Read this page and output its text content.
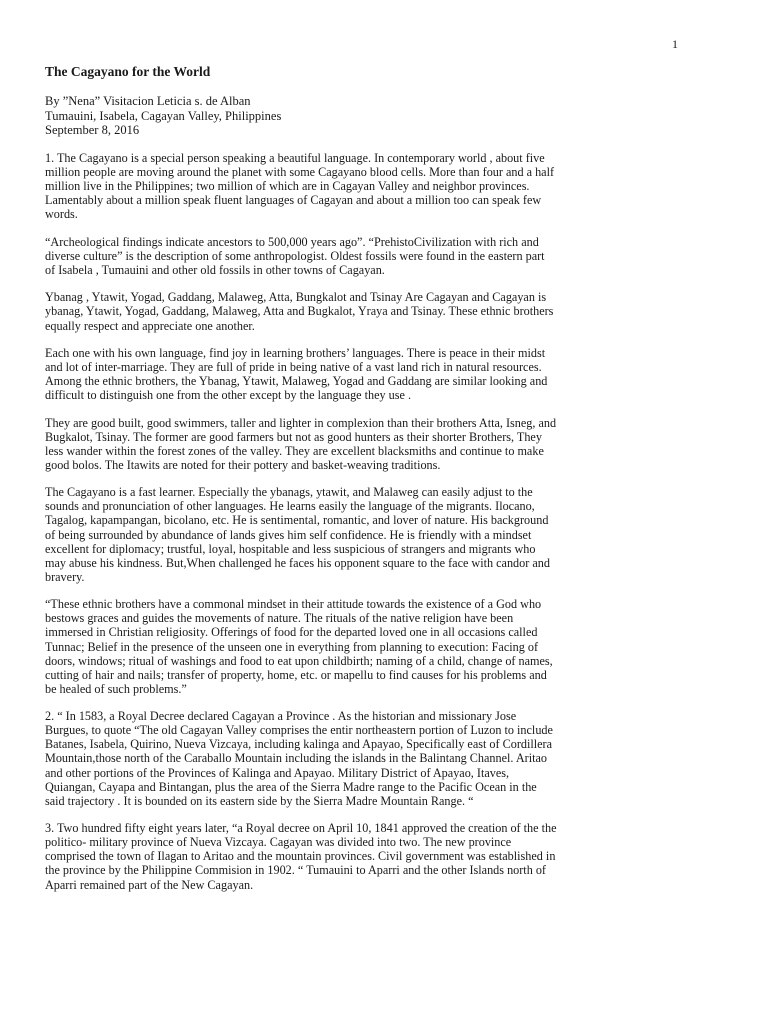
1
The Cagayano for the World
By ”Nena” Visitacion Leticia s. de Alban
Tumauini, Isabela, Cagayan Valley, Philippines
September 8, 2016

1. The Cagayano is a special person speaking a beautiful language. In contemporary world , about five
million people are moving around the planet with some Cagayano blood cells. More than four and a half
million live in the Philippines; two million of which are in Cagayan Valley and neighbor provinces.
Lamentably about a million speak fluent languages of Cagayan and about a million too can speak few
words.

“Archeological findings indicate ancestors to 500,000 years ago”. “PrehistoCivilization with rich and
diverse culture” is the description of some anthropologist. Oldest fossils were found in the eastern part
of Isabela , Tumauini and other old fossils in other towns of Cagayan.

Ybanag , Ytawit, Yogad, Gaddang, Malaweg, Atta, Bungkalot and Tsinay Are Cagayan and Cagayan is
ybanag, Ytawit, Yogad, Gaddang, Malaweg, Atta and Bugkalot, Yraya and Tsinay. These ethnic brothers
equally respect and appreciate one another.

Each one with his own language, find joy in learning brothers’ languages. There is peace in their midst
and lot of inter-marriage. They are full of pride in being native of a vast land rich in natural resources.
Among the ethnic brothers, the Ybanag, Ytawit, Malaweg, Yogad and Gaddang are similar looking and
difficult to distinguish one from the other except by the language they use .

They are good built, good swimmers, taller and lighter in complexion than their brothers Atta, Isneg, and
Bugkalot, Tsinay. The former are good farmers but not as good hunters as their shorter Brothers, They
less wander within the forest zones of the valley. They are excellent blacksmiths and continue to make
good bolos. The Itawits are noted for their pottery and basket-weaving traditions.

The Cagayano is a fast learner. Especially the ybanags, ytawit, and Malaweg can easily adjust to the
sounds and pronunciation of other languages. He learns easily the language of the migrants. Ilocano,
Tagalog, kapampangan, bicolano, etc. He is sentimental, romantic, and lover of nature. His background
of being surrounded by abundance of lands gives him self confidence. He is friendly with a mindset
excellent for diplomacy; trustful, loyal, hospitable and less suspicious of strangers and migrants who
may abuse his kindness. But,When challenged he faces his opponent square to the face with candor and
bravery.

“These ethnic brothers have a commonal mindset in their attitude towards the existence of a God who
bestows graces and guides the movements of nature. The rituals of the native religion have been
immersed in Christian religiosity. Offerings of food for the departed loved one in all occasions called
Tunnac; Belief in the presence of the unseen one in everything from planning to execution: Facing of
doors, windows; ritual of washings and food to eat upon childbirth; naming of a child, change of names,
cutting of hair and nails; transfer of property, home, etc. or mapellu to find causes for his problems and
be healed of such problems.”

2. “ In 1583, a Royal Decree declared Cagayan a Province . As the historian and missionary Jose
Burgues, to quote “The old Cagayan Valley comprises the entir northeastern portion of Luzon to include
Batanes, Isabela, Quirino, Nueva Vizcaya, including kalinga and Apayao, Specifically east of Cordillera
Mountain,those north of the Caraballo Mountain including the islands in the Balintang Channel. Aritao
and other portions of the Provinces of Kalinga and Apayao. Military District of Apayao, Itaves,
Quiangan, Cayapa and Bintangan, plus the area of the Sierra Madre range to the Pacific Ocean in the
said trajectory . It is bounded on its eastern side by the Sierra Madre Mountain Range. “

3. Two hundred fifty eight years later, “a Royal decree on April 10, 1841 approved the creation of the the
politico- military province of Nueva Vizcaya. Cagayan was divided into two. The new province
comprised the town of Ilagan to Aritao and the mountain provinces. Civil government was established in
the province by the Philippine Commision in 1902. “ Tumauini to Aparri and the other Islands north of
Aparri remained part of the New Cagayan.
